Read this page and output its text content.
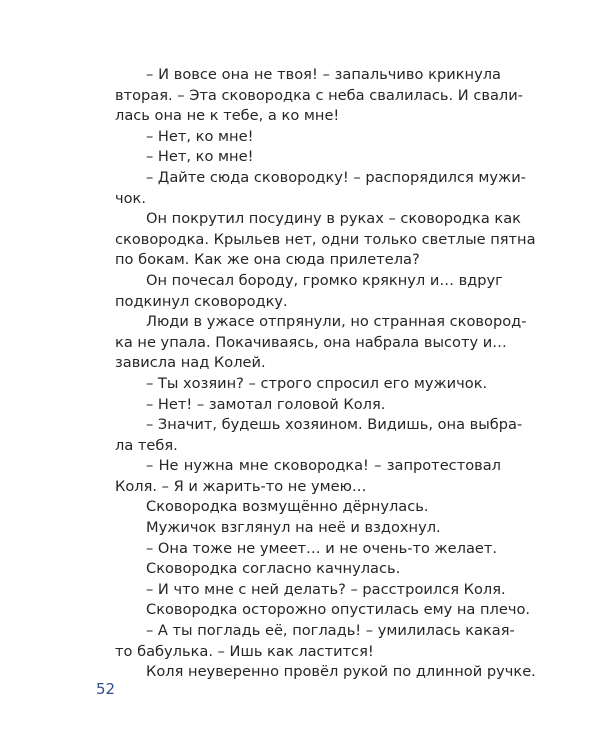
– И вовсе она не твоя! – запальчиво крикнула
вторая. – Эта сковородка с неба свалилась. И свали-
лась она не к тебе, а ко мне!
– Нет, ко мне!
– Нет, ко мне!
– Дайте сюда сковородку! – распорядился мужи-
чок.
Он покрутил посудину в руках – сковородка как
сковородка. Крыльев нет, одни только светлые пятна
по бокам. Как же она сюда прилетела?
Он почесал бороду, громко крякнул и… вдруг
подкинул сковородку.
Люди в ужасе отпрянули, но странная сковород-
ка не упала. Покачиваясь, она набрала высоту и…
зависла над Колей.
– Ты хозяин? – строго спросил его мужичок.
– Нет! – замотал головой Коля.
– Значит, будешь хозяином. Видишь, она выбра-
ла тебя.
– Не нужна мне сковородка! – запротестовал
Коля. – Я и жарить-то не умею…
Сковородка возмущённо дёрнулась.
Мужичок взглянул на неё и вздохнул.
– Она тоже не умеет… и не очень-то желает.
Сковородка согласно качнулась.
– И что мне с ней делать? – расстроился Коля.
Сковородка осторожно опустилась ему на плечо.
– А ты погладь её, погладь! – умилилась какая-
то бабулька. – Ишь как ластится!
Коля неуверенно провёл рукой по длинной ручке.
52
